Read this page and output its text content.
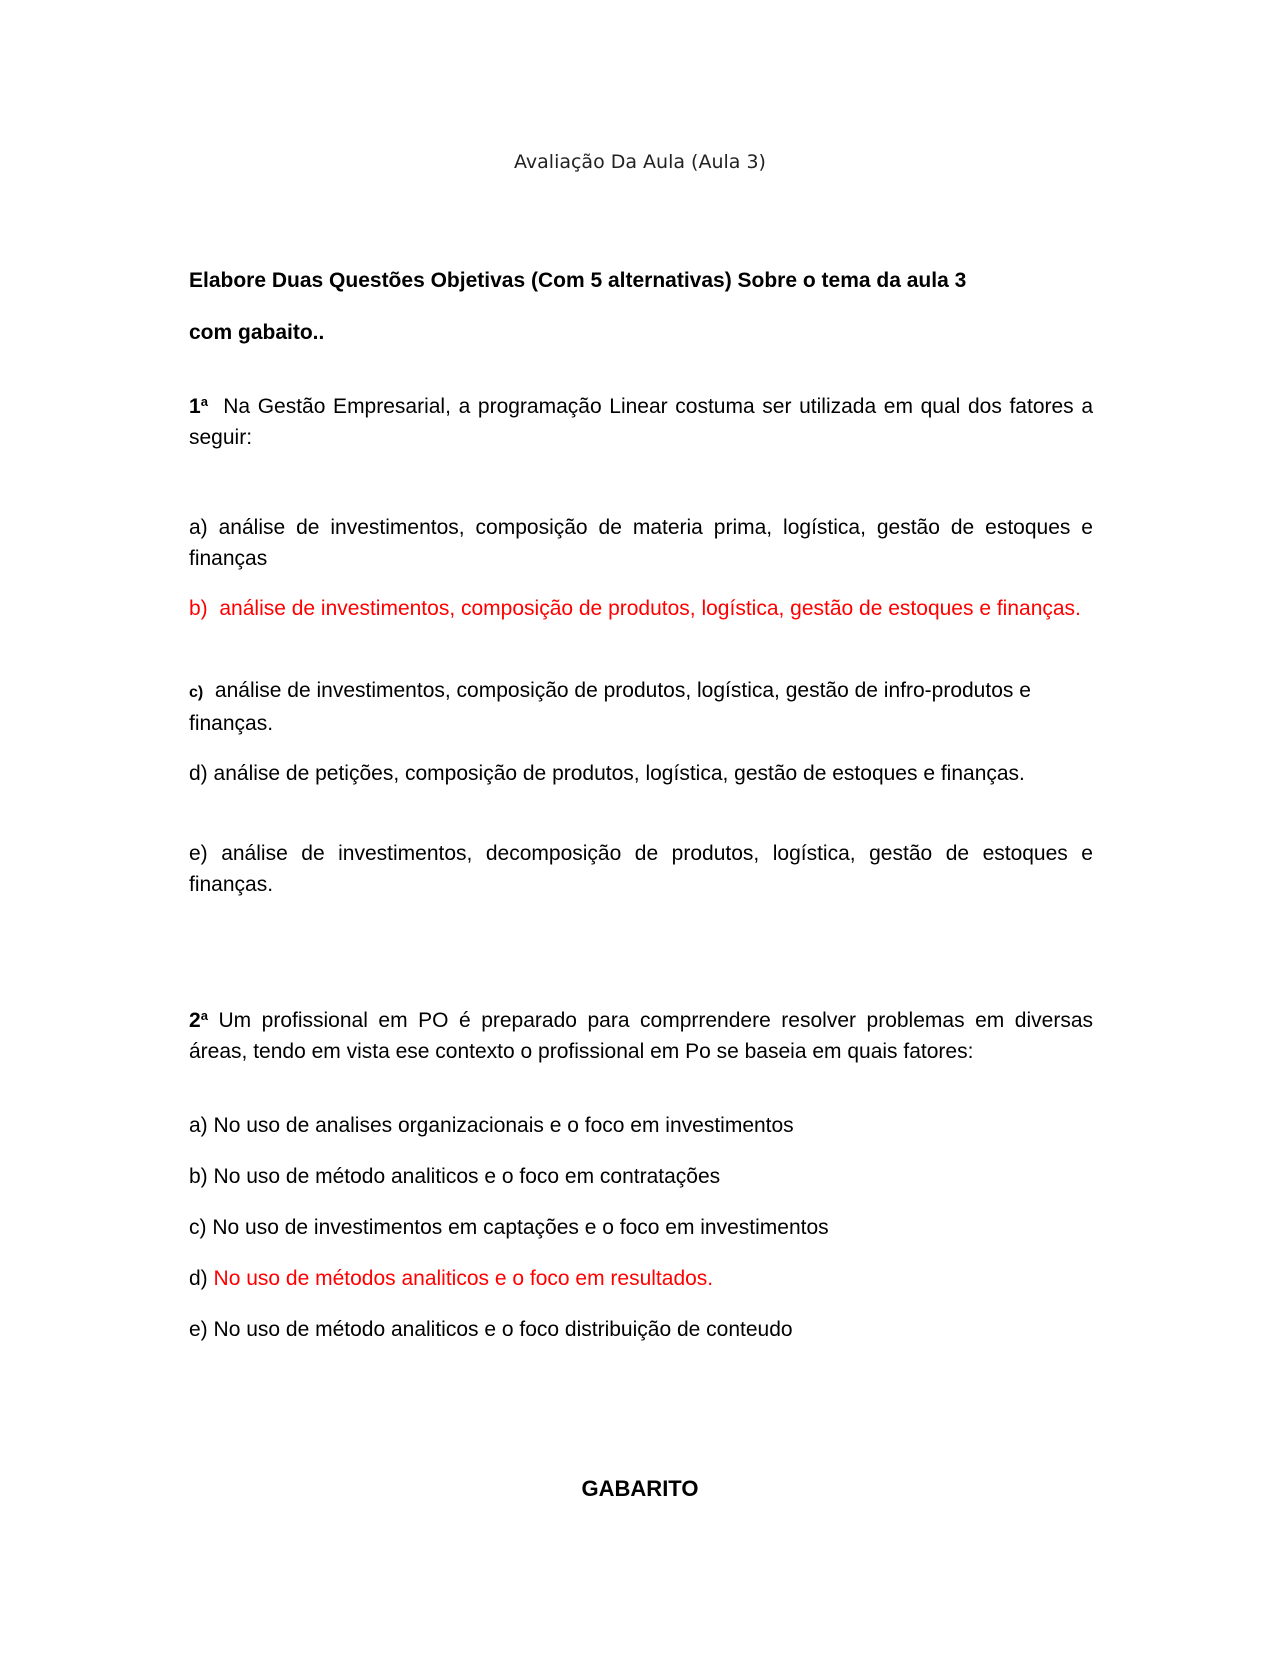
Avaliação Da Aula (Aula 3)
Elabore Duas Questões Objetivas (Com 5 alternativas) Sobre o tema da aula 3
com gabaito..
1$^a$ Na Gestão Empresarial, a programação Linear costuma ser utilizada em qual dos fatores a seguir:
a) análise de investimentos, composição de materia prima, logística, gestão de estoques e finanças
b) análise de investimentos, composição de produtos, logística, gestão de estoques e finanças.
c) análise de investimentos, composição de produtos, logística, gestão de infro-produtos e finanças.
d) análise de petições, composição de produtos, logística, gestão de estoques e finanças.
e) análise de investimentos, decomposição de produtos, logística, gestão de estoques e finanças.
2$^a$ Um profissional em PO é preparado para comprrendere resolver problemas em diversas áreas, tendo em vista ese contexto o profissional em Po se baseia em quais fatores:
a) No uso de analises organizacionais e o foco em investimentos
b) No uso de método analiticos e o foco em contratações
c) No uso de investimentos em captações e o foco em investimentos
d) No uso de métodos analiticos e o foco em resultados.
e) No uso de método analiticos e o foco distribuição de conteudo
GABARITO
